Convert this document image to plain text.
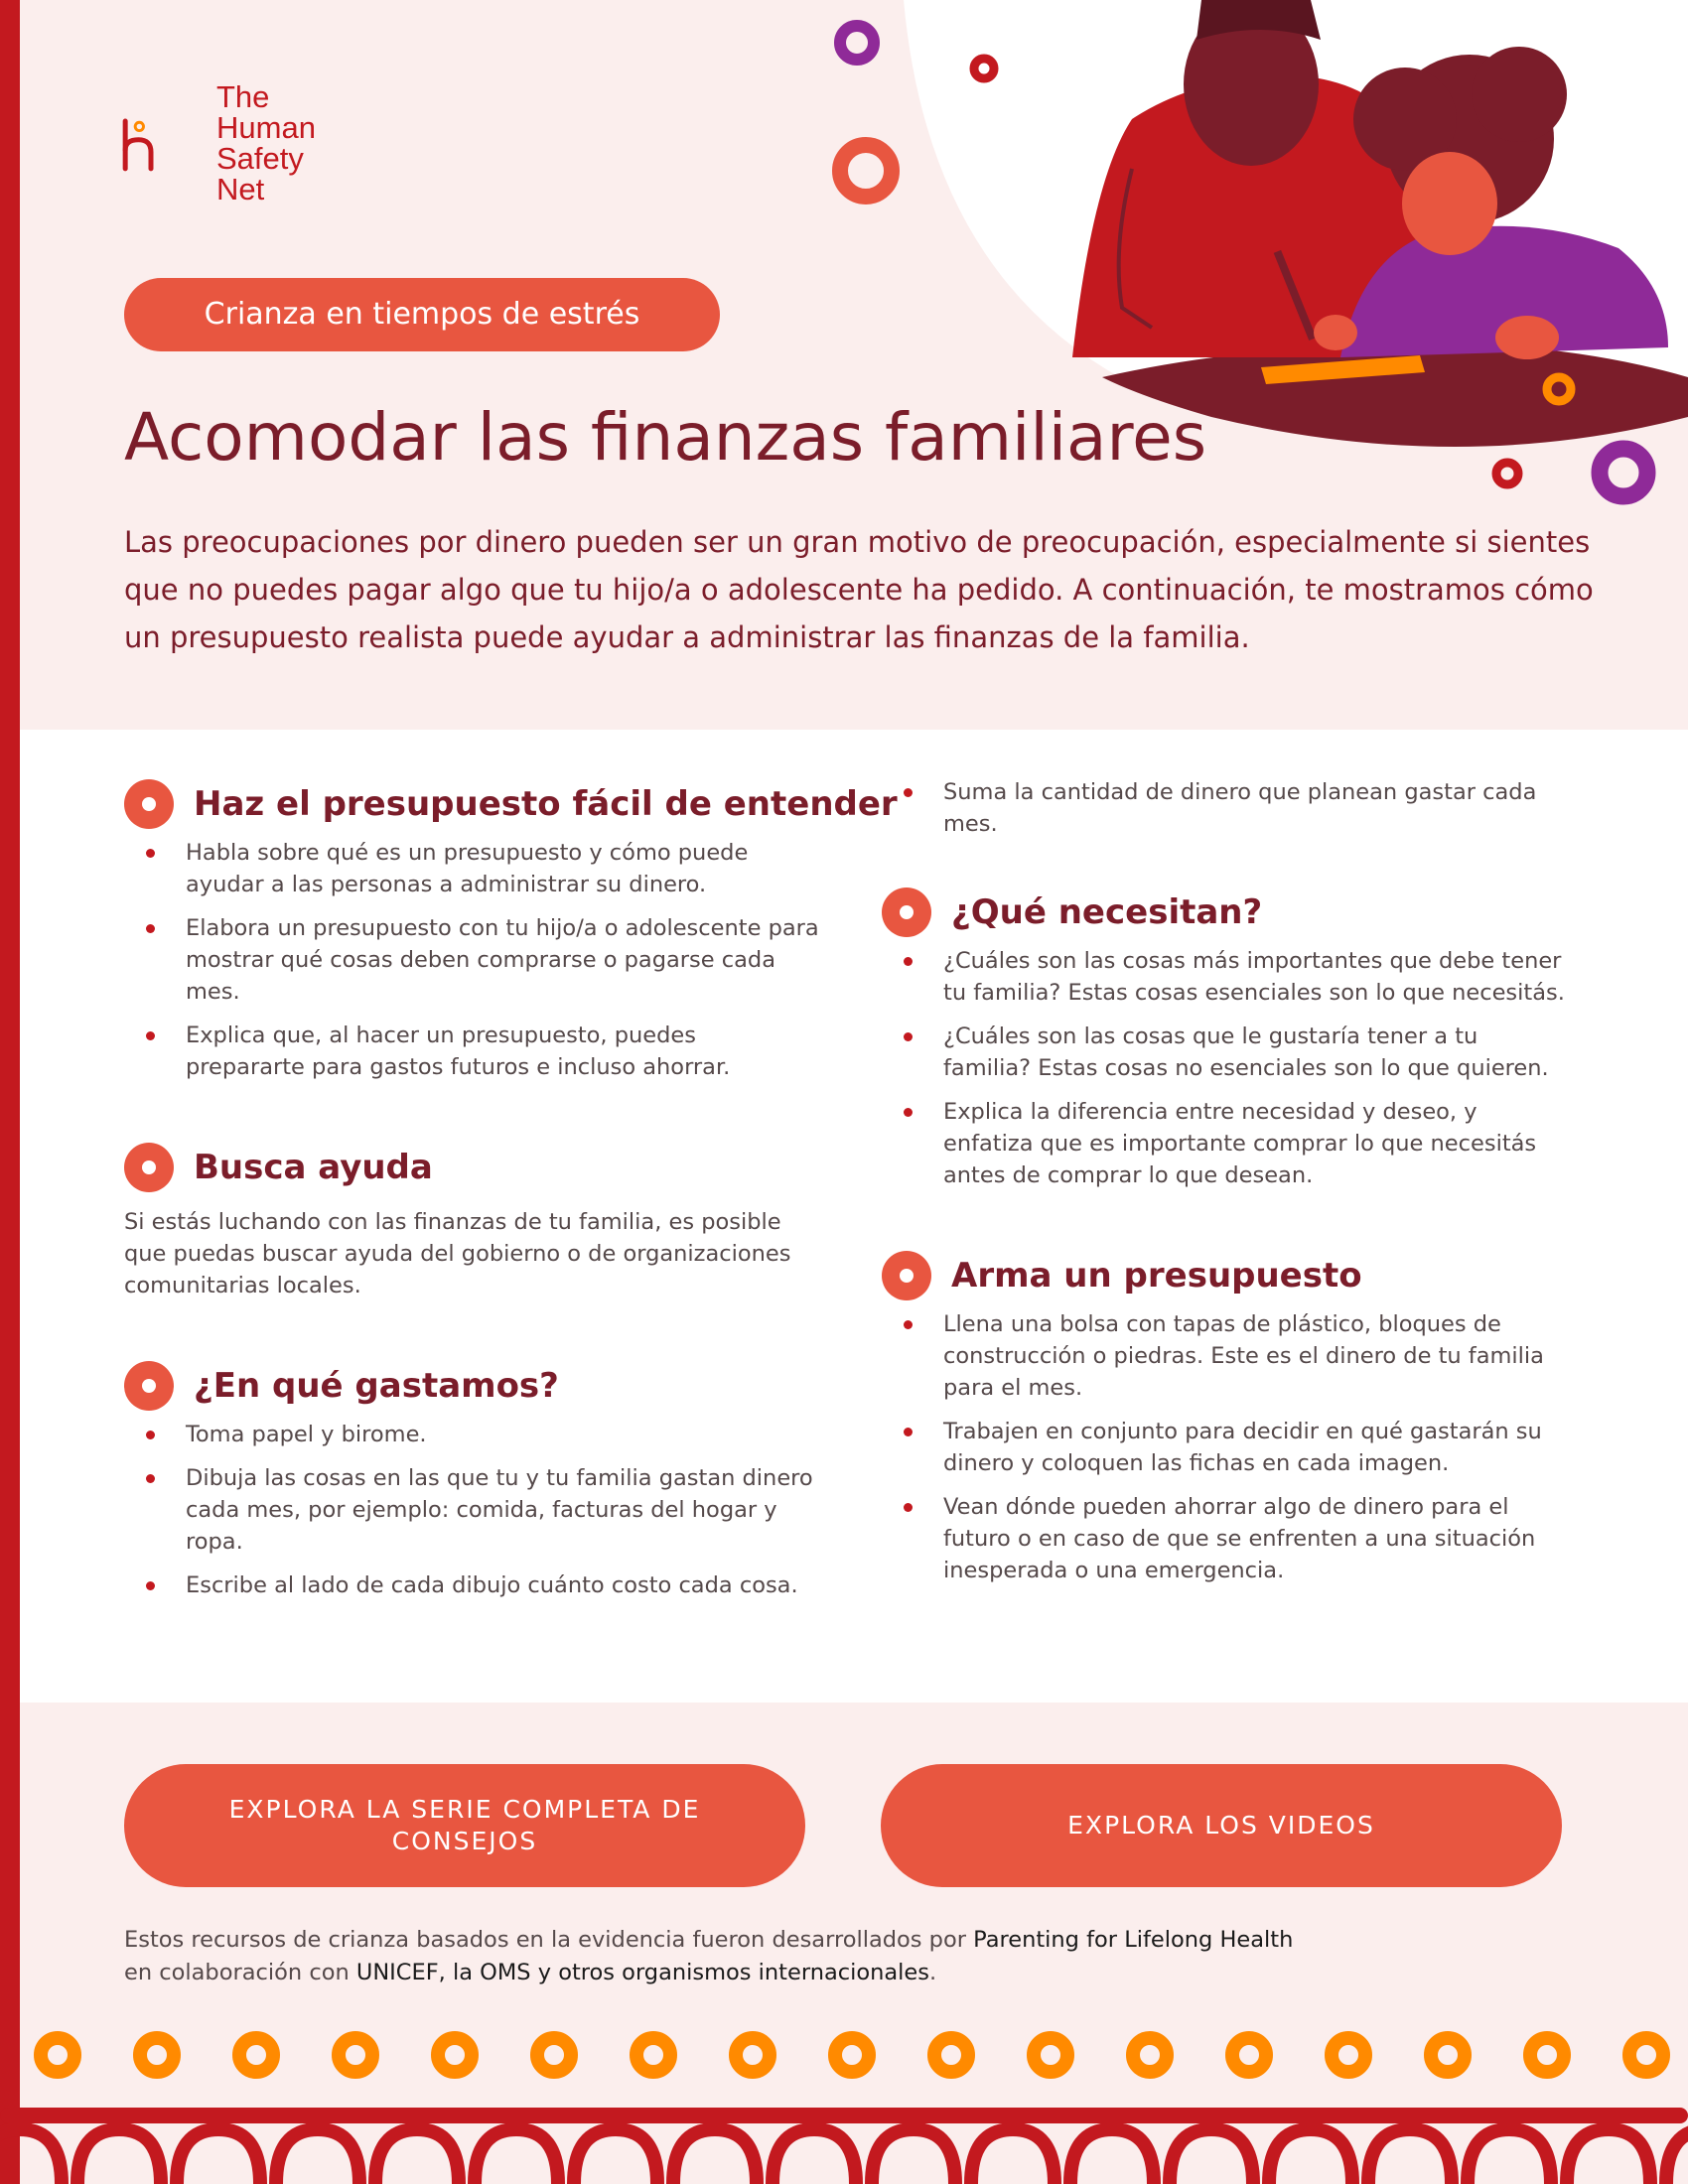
The
Human
Safety
Net
Crianza en tiempos de estrés
Acomodar las finanzas familiares

Las preocupaciones por dinero pueden ser un gran motivo de preocupación, especialmente si sientes que no puedes pagar algo que tu hijo/a o adolescente ha pedido. A continuación, te mostramos cómo un presupuesto realista puede ayudar a administrar las finanzas de la familia.

Haz el presupuesto fácil de entender
Habla sobre qué es un presupuesto y cómo puede ayudar a las personas a administrar su dinero.
Elabora un presupuesto con tu hijo/a o adolescente para mostrar qué cosas deben comprarse o pagarse cada mes.
Explica que, al hacer un presupuesto, puedes prepararte para gastos futuros e incluso ahorrar.
Busca ayuda

Si estás luchando con las finanzas de tu familia, es posible que puedas buscar ayuda del gobierno o de organizaciones comunitarias locales.

¿En qué gastamos?
Toma papel y birome.
Dibuja las cosas en las que tu y tu familia gastan dinero cada mes, por ejemplo: comida, facturas del hogar y ropa.
Escribe al lado de cada dibujo cuánto costo cada cosa.
Suma la cantidad de dinero que planean gastar cada mes.
¿Qué necesitan?
¿Cuáles son las cosas más importantes que debe tener tu familia? Estas cosas esenciales son lo que necesitás.
¿Cuáles son las cosas que le gustaría tener a tu familia? Estas cosas no esenciales son lo que quieren.
Explica la diferencia entre necesidad y deseo, y enfatiza que es importante comprar lo que necesitás antes de comprar lo que desean.
Arma un presupuesto
Llena una bolsa con tapas de plástico, bloques de construcción o piedras. Este es el dinero de tu familia para el mes.
Trabajen en conjunto para decidir en qué gastarán su dinero y coloquen las fichas en cada imagen.
Vean dónde pueden ahorrar algo de dinero para el futuro o en caso de que se enfrenten a una situación inesperada o una emergencia.
EXPLORA LA SERIE COMPLETA DE CONSEJOS
EXPLORA LOS VIDEOS

Estos recursos de crianza basados en la evidencia fueron desarrollados por Parenting for Lifelong Health en colaboración con UNICEF, la OMS y otros organismos internacionales.
